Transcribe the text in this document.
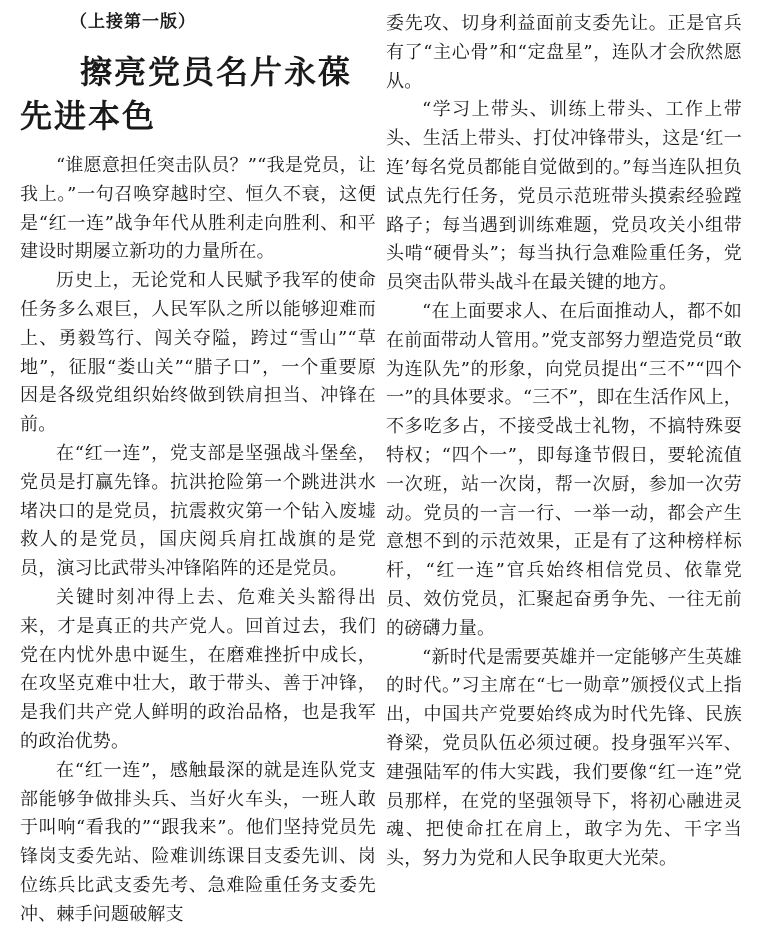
（上接第一版）
擦亮党员名片永葆
先进本色

“谁愿意担任突击队员？”“我是党员，让我上。”一句召唤穿越时空、恒久不衰，这便是“红一连”战争年代从胜利走向胜利、和平建设时期屡立新功的力量所在。

历史上，无论党和人民赋予我军的使命任务多么艰巨，人民军队之所以能够迎难而上、勇毅笃行、闯关夺隘，跨过“雪山”“草地”，征服“娄山关”“腊子口”，一个重要原因是各级党组织始终做到铁肩担当、冲锋在前。

在“红一连”，党支部是坚强战斗堡垒，党员是打赢先锋。抗洪抢险第一个跳进洪水堵决口的是党员，抗震救灾第一个钻入废墟救人的是党员，国庆阅兵肩扛战旗的是党员，演习比武带头冲锋陷阵的还是党员。

关键时刻冲得上去、危难关头豁得出来，才是真正的共产党人。回首过去，我们党在内忧外患中诞生，在磨难挫折中成长，在攻坚克难中壮大，敢于带头、善于冲锋，是我们共产党人鲜明的政治品格，也是我军的政治优势。

在“红一连”，感触最深的就是连队党支部能够争做排头兵、当好火车头，一班人敢于叫响“看我的”“跟我来”。他们坚持党员先锋岗支委先站、险难训练课目支委先训、岗位练兵比武支委先考、急难险重任务支委先冲、棘手问题破解支

委先攻、切身利益面前支委先让。正是官兵有了“主心骨”和“定盘星”，连队才会欣然愿从。

“学习上带头、训练上带头、工作上带头、生活上带头、打仗冲锋带头，这是‘红一连’每名党员都能自觉做到的。”每当连队担负试点先行任务，党员示范班带头摸索经验蹚路子；每当遇到训练难题，党员攻关小组带头啃“硬骨头”；每当执行急难险重任务，党员突击队带头战斗在最关键的地方。

“在上面要求人、在后面推动人，都不如在前面带动人管用。”党支部努力塑造党员“敢为连队先”的形象，向党员提出“三不”“四个一”的具体要求。“三不”，即在生活作风上，不多吃多占，不接受战士礼物，不搞特殊耍特权；“四个一”，即每逢节假日，要轮流值一次班，站一次岗，帮一次厨，参加一次劳动。党员的一言一行、一举一动，都会产生意想不到的示范效果，正是有了这种榜样标杆，“红一连”官兵始终相信党员、依靠党员、效仿党员，汇聚起奋勇争先、一往无前的磅礴力量。

“新时代是需要英雄并一定能够产生英雄的时代。”习主席在“七一勋章”颁授仪式上指出，中国共产党要始终成为时代先锋、民族脊梁，党员队伍必须过硬。投身强军兴军、建强陆军的伟大实践，我们要像“红一连”党员那样，在党的坚强领导下，将初心融进灵魂、把使命扛在肩上，敢字为先、干字当头，努力为党和人民争取更大光荣。
